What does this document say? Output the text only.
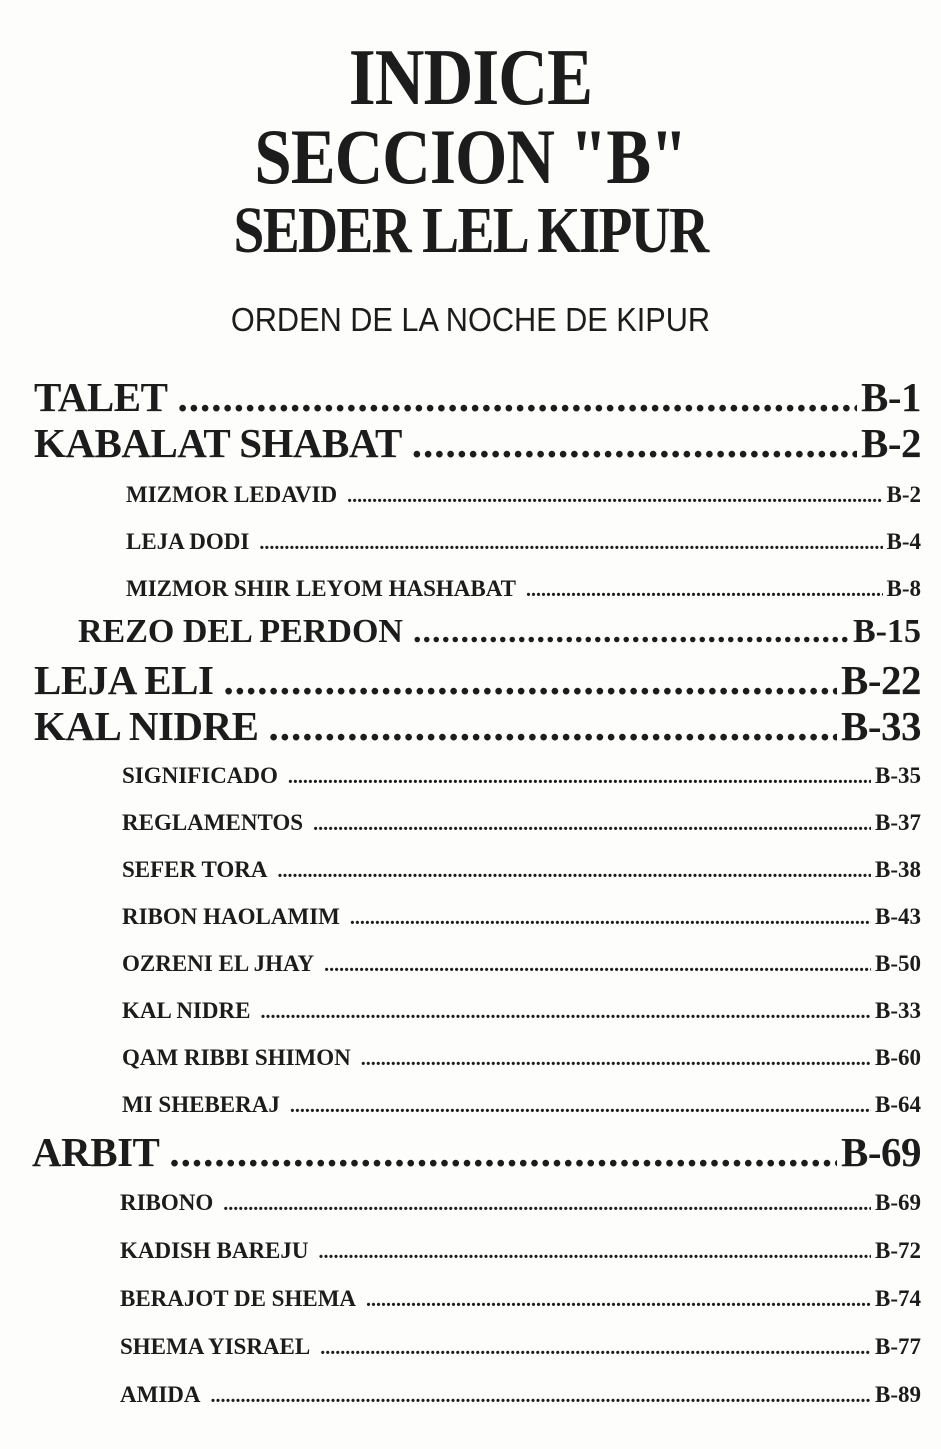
INDICE
SECCION "B"
SEDER LEL KIPUR
ORDEN DE LA NOCHE DE KIPUR
TALET .....	B-1
KABALAT SHABAT .....	B-2
MIZMOR LEDAVID .....	B-2
LEJA DODI .....	B-4
MIZMOR SHIR LEYOM HASHABAT .....	B-8
REZO DEL PERDON .....	B-15
LEJA ELI .....	B-22
KAL NIDRE .....	B-33
SIGNIFICADO .....	B-35
REGLAMENTOS .....	B-37
SEFER TORA .....	B-38
RIBON HAOLAMIM .....	B-43
OZRENI EL JHAY .....	B-50
KAL NIDRE .....	B-33
QAM RIBBI SHIMON .....	B-60
MI SHEBERAJ .....	B-64
ARBIT .....	B-69
RIBONO .....	B-69
KADISH BAREJU .....	B-72
BERAJOT DE SHEMA .....	B-74
SHEMA YISRAEL .....	B-77
AMIDA .....	B-89
